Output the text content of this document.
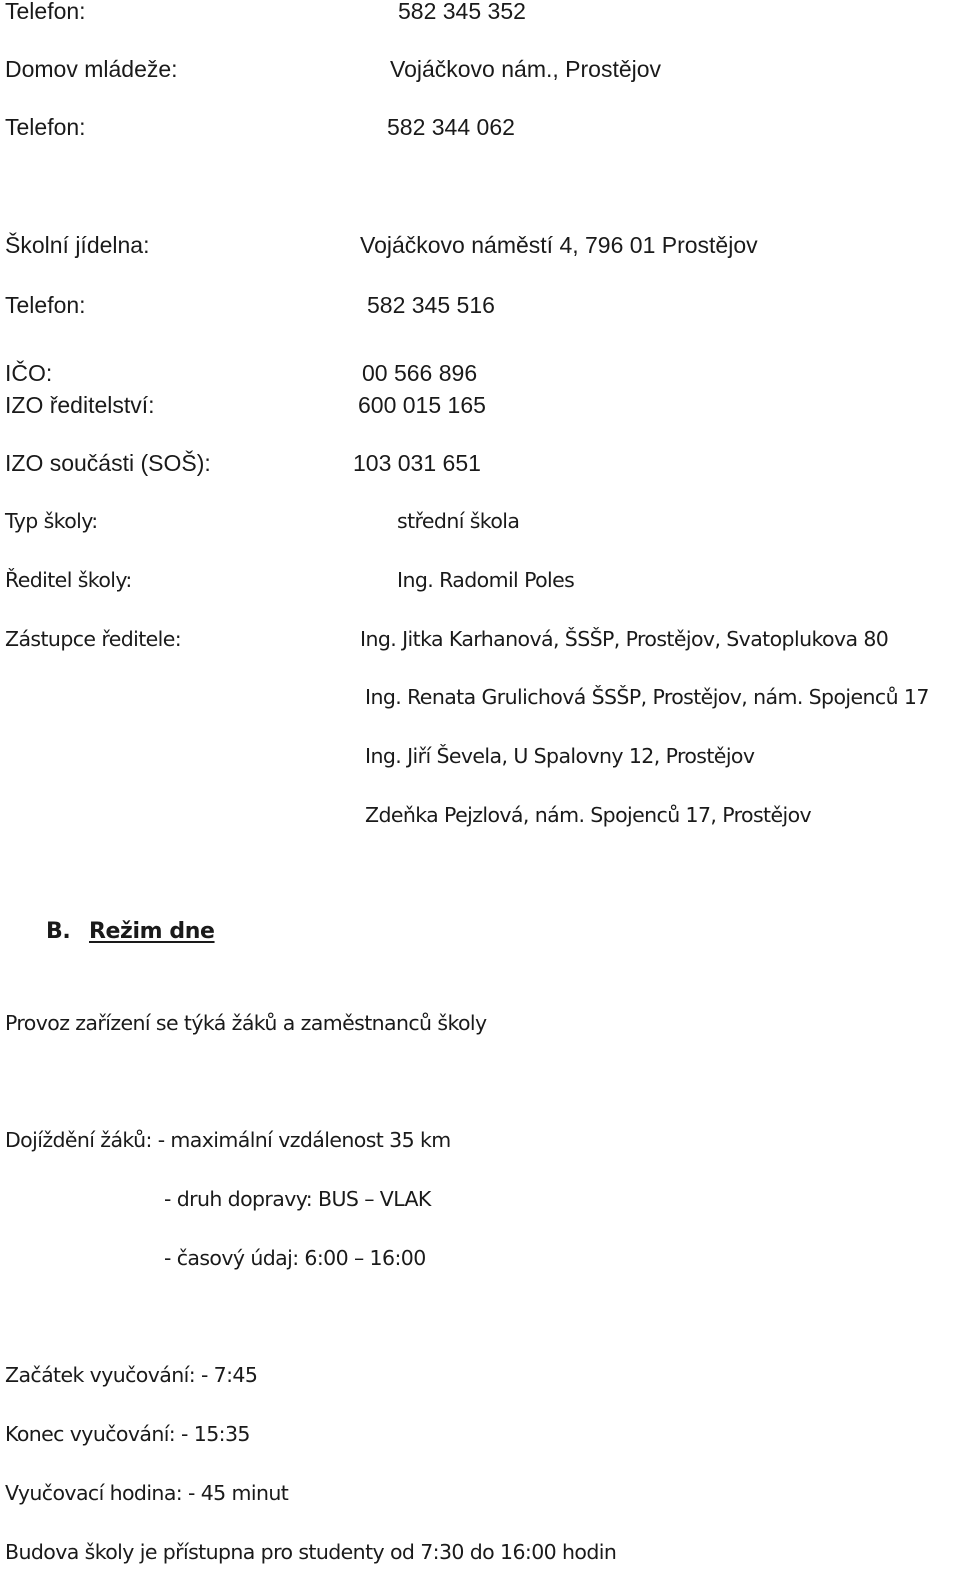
Telefon:	582 345 352
Domov mládeže:	Vojáčkovo nám., Prostějov
Telefon:	582 344 062
Školní jídelna:	Vojáčkovo náměstí 4, 796 01 Prostějov
Telefon:	582 345 516
IČO:	00 566 896
IZO ředitelství:	600 015 165
IZO součásti (SOŠ):	103 031 651
Typ školy:	střední škola
Ředitel školy:	Ing. Radomil Poles
Zástupce ředitele:	Ing. Jitka Karhanová, ŠSŠP, Prostějov, Svatoplukova 80
Ing. Renata Grulichová ŠSŠP, Prostějov, nám. Spojenců 17
Ing. Jiří Ševela, U Spalovny 12, Prostějov
Zdeňka Pejzlová, nám. Spojenců 17, Prostějov
B. Režim dne
Provoz zařízení se týká žáků a zaměstnanců školy
Dojíždění žáků: - maximální vzdálenost 35 km
- druh dopravy: BUS – VLAK
- časový údaj: 6:00 – 16:00
Začátek vyučování: - 7:45
Konec vyučování: - 15:35
Vyučovací hodina: - 45 minut
Budova školy je přístupna pro studenty od 7:30 do 16:00 hodin
